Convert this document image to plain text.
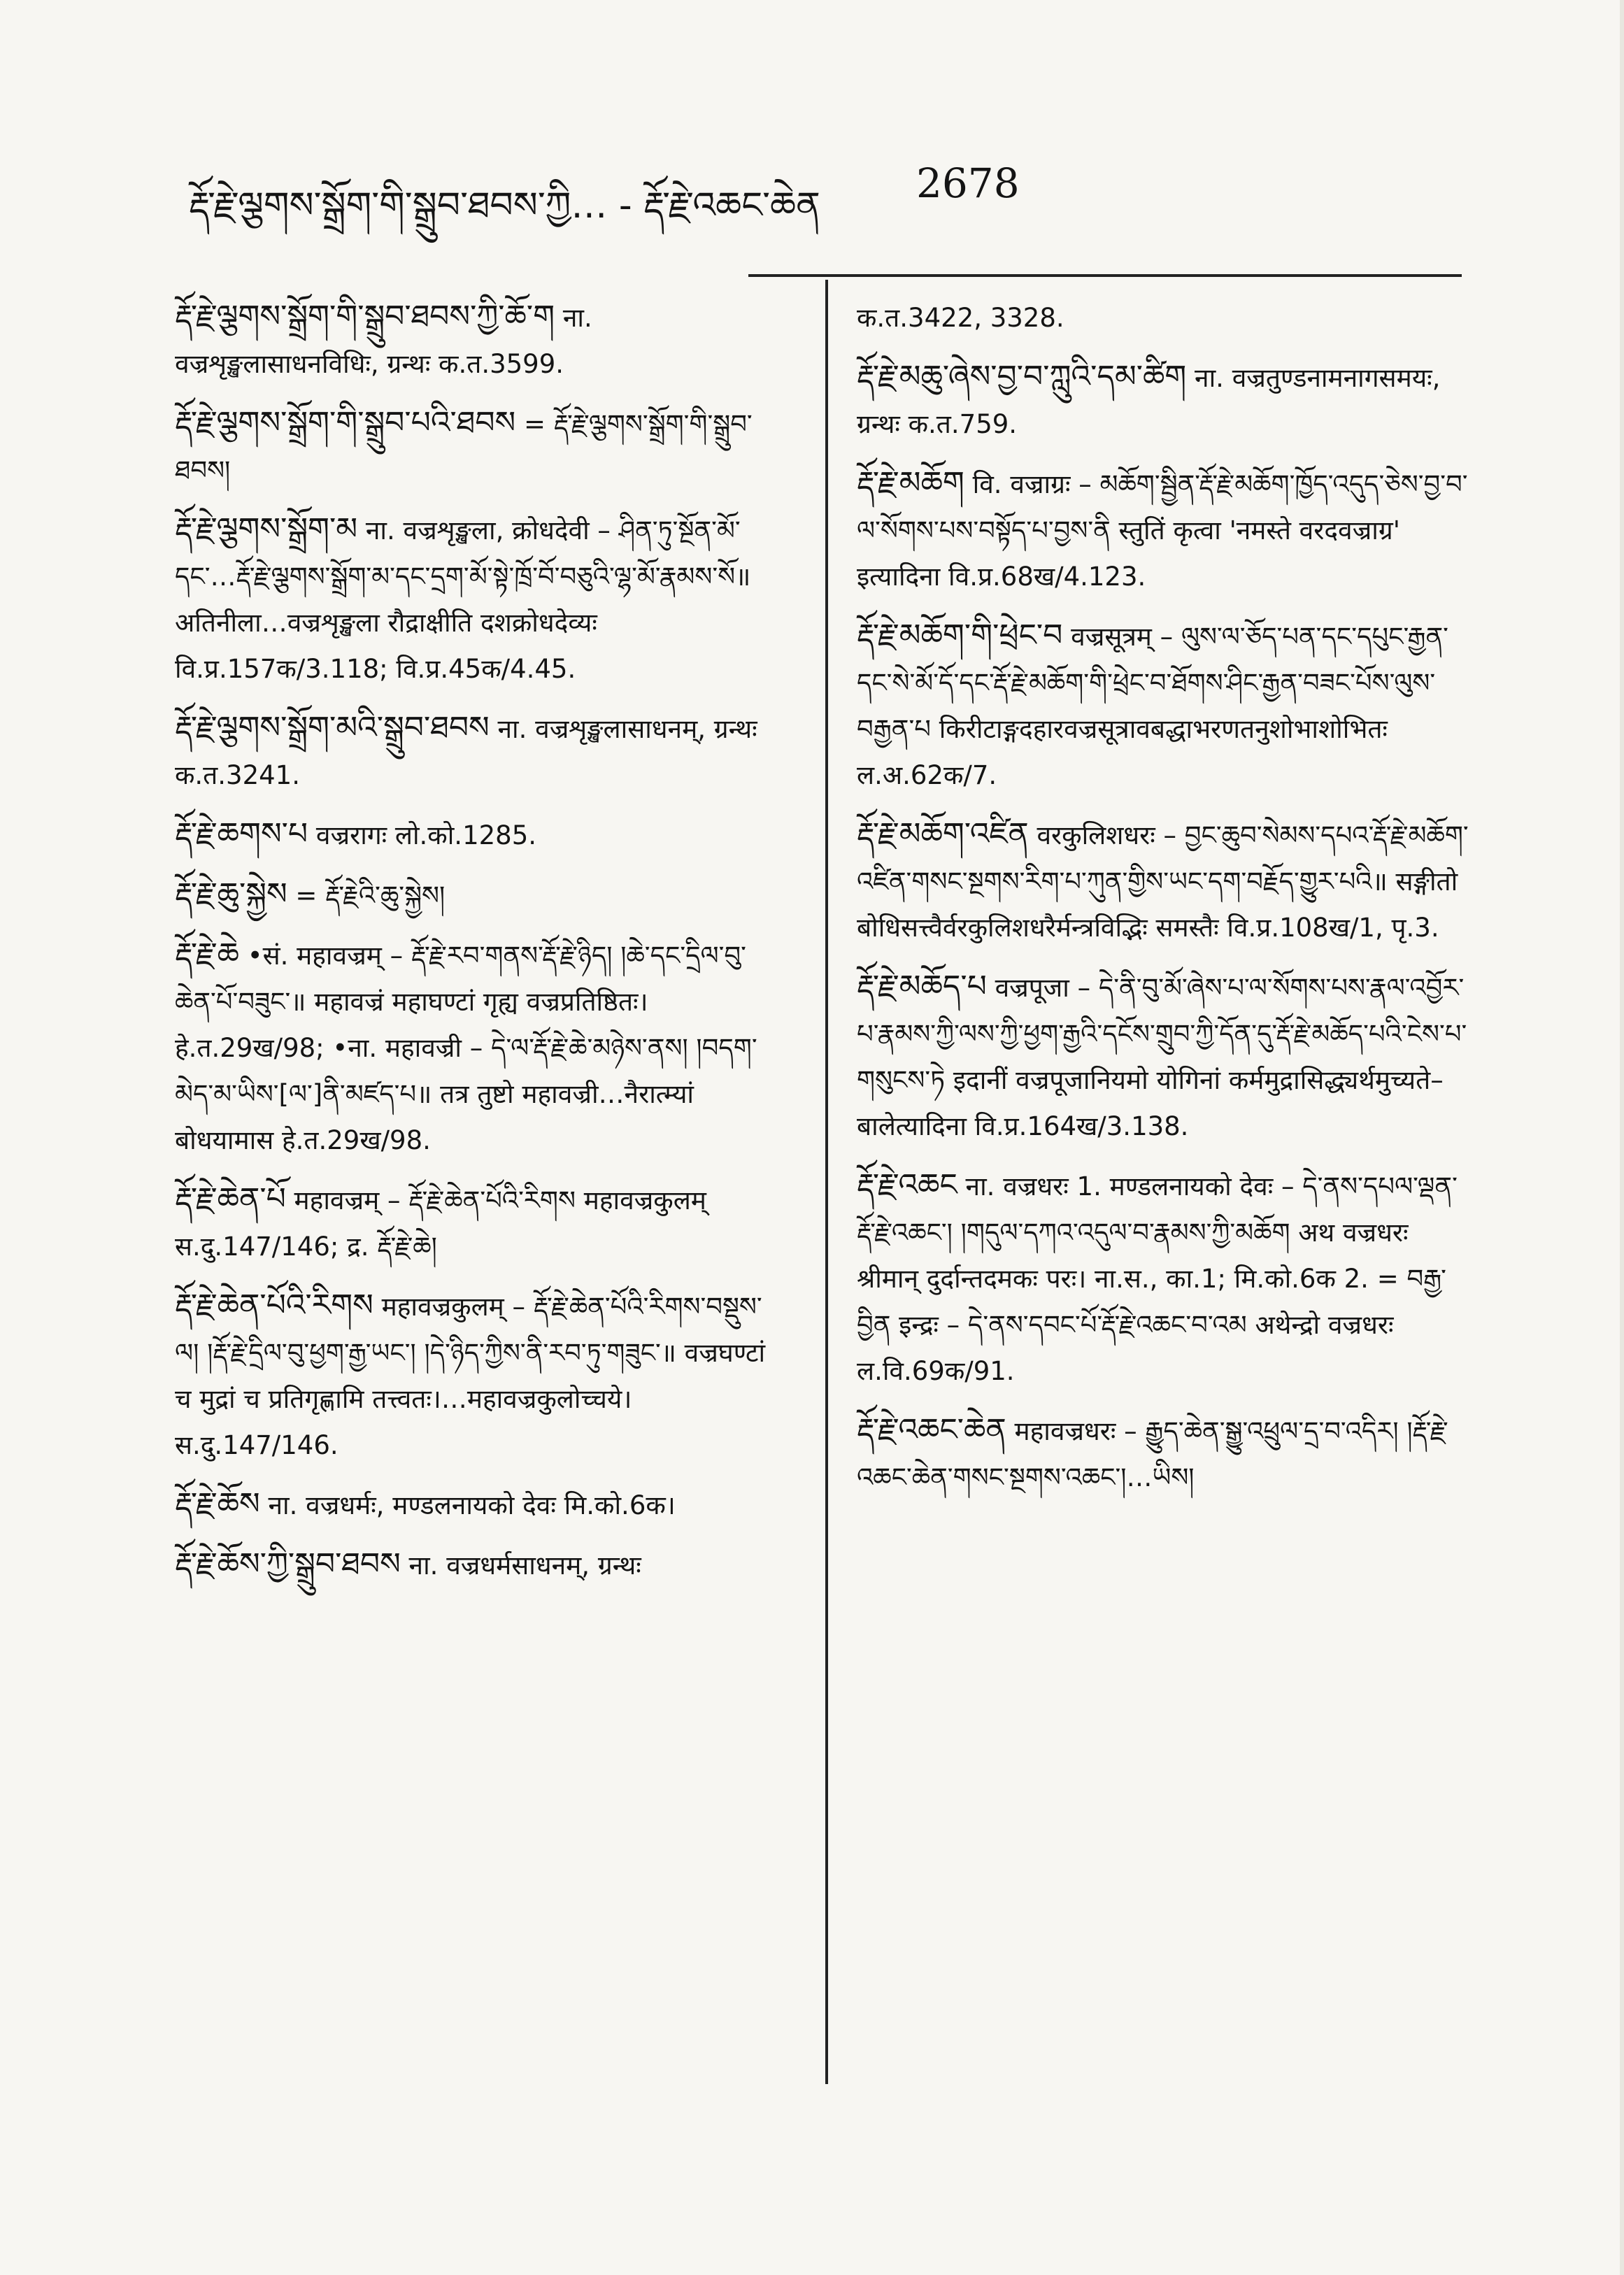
རྡོ་རྗེ་ལྕགས་སྒྲོག་གི་སྒྲུབ་ཐབས་ཀྱི… - རྡོ་རྗེ་འཆང་ཆེན 2678
རྡོ་རྗེ་ལྕགས་སྒྲོག་གི་སྒྲུབ་ཐབས་ཀྱི་ཆོ་ག ना. वज्रशृङ्खलासाधनविधिः, ग्रन्थः क.त.3599.
རྡོ་རྗེ་ལྕགས་སྒྲོག་གི་སྒྲུབ་པའི་ཐབས = རྡོ་རྗེ་ལྕགས་སྒྲོག་གི་སྒྲུབ་ཐབས།
རྡོ་རྗེ་ལྕགས་སྒྲོག་མ ना. वज्रशृङ्खला, क्रोधदेवी – ཤིན་ཏུ་སྔོན་མོ་དང་…རྡོ་རྗེ་ལྕགས་སྒྲོག་མ་དང་དྲག་མོ་སྟེ་ཁྲོ་བོ་བཅུའི་ལྷ་མོ་རྣམས་སོ॥ अतिनीला…वज्रशृङ्खला रौद्राक्षीति दशक्रोधदेव्यः वि.प्र.157क/3.118; वि.प्र.45क/4.45.
རྡོ་རྗེ་ལྕགས་སྒྲོག་མའི་སྒྲུབ་ཐབས ना. वज्रशृङ्खलासाधनम्, ग्रन्थः क.त.3241.
རྡོ་རྗེ་ཆགས་པ वज्ररागः लो.को.1285.
རྡོ་རྗེ་ཆུ་སྐྱེས = རྡོ་རྗེའི་ཆུ་སྐྱེས།
རྡོ་རྗེ་ཆེ •सं. महावज्रम् – རྡོ་རྗེ་རབ་གནས་རྡོ་རྗེ་ཉིད། །ཆེ་དང་དྲིལ་བུ་ཆེན་པོ་བཟུང་॥ महावज्रं महाघण्टां गृह्य वज्रप्रतिष्ठितः। हे.त.29ख/98; •ना. महावज्री – དེ་ལ་རྡོ་རྗེ་ཆེ་མཉེས་ནས། །བདག་མེད་མ་ཡིས་[ལ་]ནི་མཛད་པ॥ तत्र तुष्टो महावज्री…नैरात्म्यां बोधयामास हे.त.29ख/98.
རྡོ་རྗེ་ཆེན་པོ महावज्रम् – རྡོ་རྗེ་ཆེན་པོའི་རིགས महावज्रकुलम् स.दु.147/146; द्र. རྡོ་རྗེ་ཆེ།
རྡོ་རྗེ་ཆེན་པོའི་རིགས महावज्रकुलम् – རྡོ་རྗེ་ཆེན་པོའི་རིགས་བསྡུས་ལ། །རྡོ་རྗེ་དྲིལ་བུ་ཕྱག་རྒྱ་ཡང་། །དེ་ཉིད་ཀྱིས་ནི་རབ་ཏུ་གཟུང་॥ वज्रघण्टां च मुद्रां च प्रतिगृह्णामि तत्त्वतः।…महावज्रकुलोच्चये। स.दु.147/146.
རྡོ་རྗེ་ཆོས ना. वज्रधर्मः, मण्डलनायको देवः मि.को.6क।
རྡོ་རྗེ་ཆོས་ཀྱི་སྒྲུབ་ཐབས ना. वज्रधर्मसाधनम्, ग्रन्थः
क.त.3422, 3328.
རྡོ་རྗེ་མཆུ་ཞེས་བྱ་བ་ཀླུའི་དམ་ཚིག ना. वज्रतुण्डनामनागसमयः, ग्रन्थः क.त.759.
རྡོ་རྗེ་མཆོག वि. वज्राग्रः – མཆོག་སྦྱིན་རྡོ་རྗེ་མཆོག་ཁྱོད་འདུད་ཅེས་བྱ་བ་ལ་སོགས་པས་བསྟོད་པ་བྱས་ནི स्तुतिं कृत्वा 'नमस्ते वरदवज्राग्र' इत्यादिना वि.प्र.68ख/4.123.
རྡོ་རྗེ་མཆོག་གི་ཕྲེང་བ वज्रसूत्रम् – ལུས་ལ་ཅོད་པན་དང་དཔུང་རྒྱན་དང་སེ་མོ་དོ་དང་རྡོ་རྗེ་མཆོག་གི་ཕྲེང་བ་ཐོགས་ཤིང་རྒྱན་བཟང་པོས་ལུས་བརྒྱན་པ किरीटाङ्गदहारवज्रसूत्रावबद्धाभरणतनुशोभाशोभितः ल.अ.62क/7.
རྡོ་རྗེ་མཆོག་འཛིན वरकुलिशधरः – བྱང་ཆུབ་སེམས་དཔའ་རྡོ་རྗེ་མཆོག་འཛིན་གསང་སྔགས་རིག་པ་ཀུན་གྱིས་ཡང་དག་བརྗོད་གྱུར་པའི॥ सङ्गीतो बोधिसत्त्वैर्वरकुलिशधरैर्मन्त्रविद्भिः समस्तैः वि.प्र.108ख/1, पृ.3.
རྡོ་རྗེ་མཆོད་པ वज्रपूजा – དེ་ནི་བུ་མོ་ཞེས་པ་ལ་སོགས་པས་རྣལ་འབྱོར་པ་རྣམས་ཀྱི་ལས་ཀྱི་ཕྱག་རྒྱའི་དངོས་གྲུབ་ཀྱི་དོན་དུ་རྡོ་རྗེ་མཆོད་པའི་ངེས་པ་གསུངས་ཏེ इदानीं वज्रपूजानियमो योगिनां कर्ममुद्रासिद्ध्यर्थमुच्यते–बालेत्यादिना वि.प्र.164ख/3.138.
རྡོ་རྗེ་འཆང ना. वज्रधरः 1. मण्डलनायको देवः – དེ་ནས་དཔལ་ལྡན་རྡོ་རྗེ་འཆང་། །གདུལ་དཀའ་འདུལ་བ་རྣམས་ཀྱི་མཆོག अथ वज्रधरः श्रीमान् दुर्दान्तदमकः परः। ना.स., का.1; मि.को.6क 2. = བརྒྱ་བྱིན इन्द्रः – དེ་ནས་དབང་པོ་རྡོ་རྗེ་འཆང་བ་འམ अथेन्द्रो वज्रधरः ल.वि.69क/91.
རྡོ་རྗེ་འཆང་ཆེན महावज्रधरः – རྒྱུད་ཆེན་སྒྱུ་འཕྲུལ་དྲ་བ་འདིར། །རྡོ་རྗེ་འཆང་ཆེན་གསང་སྔགས་འཆང་།…ཡིས།
